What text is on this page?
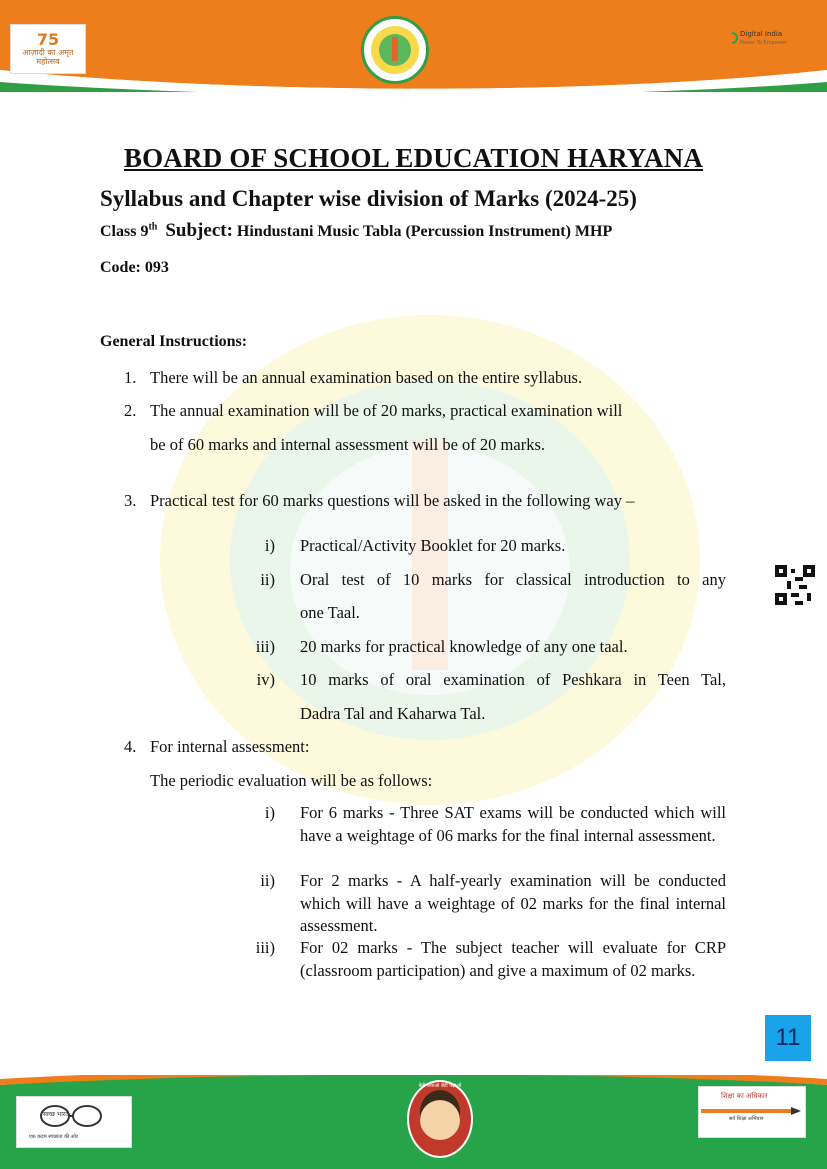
75
आज़ादी का अमृत महोत्सव
Digital India
Power To Empower
BOARD OF SCHOOL EDUCATION HARYANA
Syllabus and Chapter wise division of Marks (2024-25)
Class 9th Subject: Hindustani Music Tabla (Percussion Instrument) MHP
Code: 093
General Instructions:
1. There will be an annual examination based on the entire syllabus.
2. The annual examination will be of 20 marks, practical examination will
be of 60 marks and internal assessment will be of 20 marks.
3. Practical test for 60 marks questions will be asked in the following way –
i) Practical/Activity Booklet for 20 marks.
ii) Oral test of 10 marks for classical introduction to any
one Taal.
iii) 20 marks for practical knowledge of any one taal.
iv) 10 marks of oral examination of Peshkara in Teen Tal,
Dadra Tal and Kaharwa Tal.
4. For internal assessment:
The periodic evaluation will be as follows:
i) For 6 marks - Three SAT exams will be conducted which will have a weightage of 06 marks for the final internal assessment.
ii) For 2 marks - A half-yearly examination will be conducted which will have a weightage of 02 marks for the final internal assessment.
iii) For 02 marks - The subject teacher will evaluate for CRP (classroom participation) and give a maximum of 02 marks.
11
स्वच्छ भारत
एक कदम स्वच्छता की ओर
बेटी बचाओ बेटी पढ़ाओ
शिक्षा का अधिकार
सर्व शिक्षा अभियान
